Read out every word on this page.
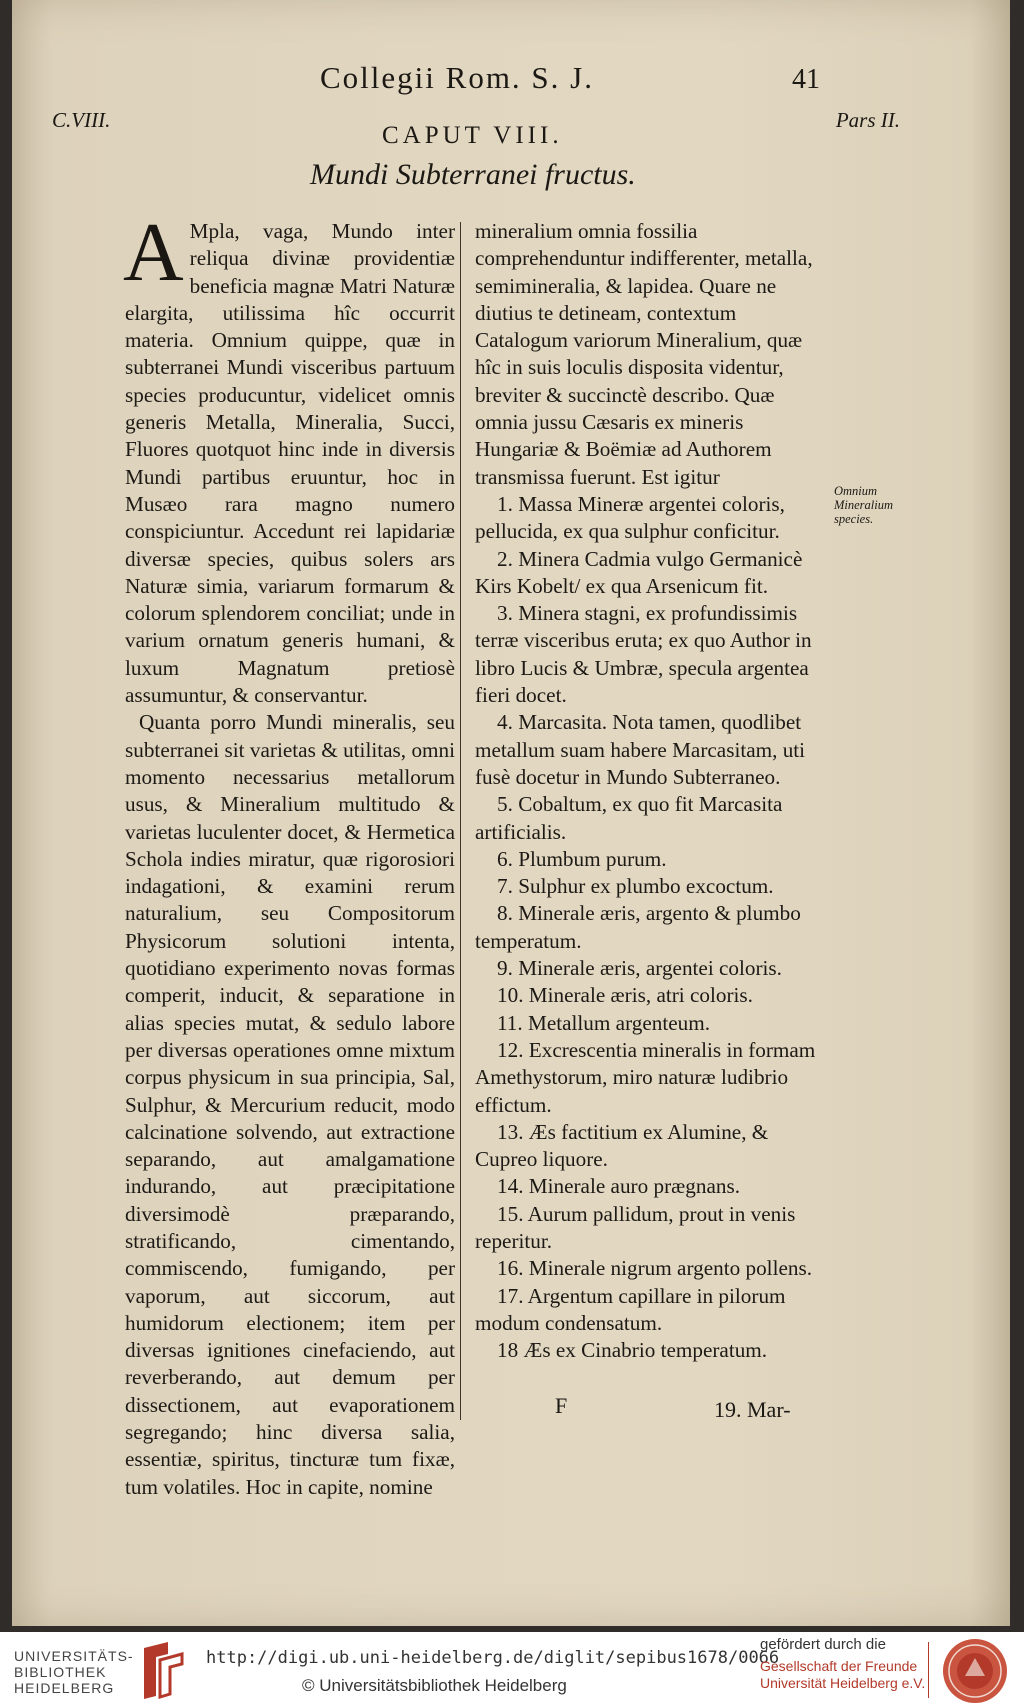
Collegii Rom. S. J.	41
C.VIII.	Pars II.
CAPUT VIII.
Mundi Subterranei fructus.

A Mpla, vaga, Mundo inter reliqua divinæ providentiæ beneficia magnæ Matri Naturæ elargita, utilissima hîc occurrit materia. Omnium quippe, quæ in subterranei Mundi visceribus partuum species producuntur, videlicet omnis generis Metalla, Mineralia, Succi, Fluores quotquot hinc inde in diversis Mundi partibus eruuntur, hoc in Musæo rara magno numero conspiciuntur. Accedunt rei lapidariæ diversæ species, quibus solers ars Naturæ simia, variarum formarum & colorum splendorem conciliat; unde in varium ornatum generis humani, & luxum Magnatum pretiosè assumuntur, & conservantur.

Quanta porro Mundi mineralis, seu subterranei sit varietas & utilitas, omni momento necessarius metallorum usus, & Mineralium multitudo & varietas luculenter docet, & Hermetica Schola indies miratur, quæ rigorosiori indagationi, & examini rerum naturalium, seu Compositorum Physicorum solutioni intenta, quotidiano experimento novas formas comperit, inducit, & separatione in alias species mutat, & sedulo labore per diversas operationes omne mixtum corpus physicum in sua principia, Sal, Sulphur, & Mercurium reducit, modo calcinatione solvendo, aut extractione separando, aut amalgamatione indurando, aut præcipitatione diversimodè præparando, stratificando, cimentando, commiscendo, fumigando, per vaporum, aut siccorum, aut humidorum electionem; item per diversas ignitiones cinefaciendo, aut reverberando, aut demum per dissectionem, aut evaporationem segregando; hinc diversa salia, essentiæ, spiritus, tincturæ tum fixæ, tum volatiles. Hoc in capite, nomine

mineralium omnia fossilia comprehenduntur indifferenter, metalla, semimineralia, & lapidea. Quare ne diutius te detineam, contextum Catalogum variorum Mineralium, quæ hîc in suis loculis disposita videntur, breviter & succinctè describo. Quæ omnia jussu Cæsaris ex mineris Hungariæ & Boëmiæ ad Authorem transmissa fuerunt. Est igitur

1. Massa Mineræ argentei coloris, pellucida, ex qua sulphur conficitur.
2. Minera Cadmia vulgo Germanicè Kirs Kobelt/ ex qua Arsenicum fit.
3. Minera stagni, ex profundissimis terræ visceribus eruta; ex quo Author in libro Lucis & Umbræ, specula argentea fieri docet.
4. Marcasita. Nota tamen, quodlibet metallum suam habere Marcasitam, uti fusè docetur in Mundo Subterraneo.
5. Cobaltum, ex quo fit Marcasita artificialis.
6. Plumbum purum.
7. Sulphur ex plumbo excoctum.
8. Minerale æris, argento & plumbo temperatum.
9. Minerale æris, argentei coloris.
10. Minerale æris, atri coloris.
11. Metallum argenteum.
12. Excrescentia mineralis in formam Amethystorum, miro naturæ ludibrio effictum.
13. Æs factitium ex Alumine, & Cupreo liquore.
14. Minerale auro prægnans.
15. Aurum pallidum, prout in venis reperitur.
16. Minerale nigrum argento pollens.
17. Argentum capillare in pilorum modum condensatum.
18 Æs ex Cinabrio temperatum.
Omnium Mineralium species.
F	19. Mar-
UNIVERSITÄTS-
BIBLIOTHEK
HEIDELBERG
http://digi.ub.uni-heidelberg.de/diglit/sepibus1678/0066
© Universitätsbibliothek Heidelberg
gefördert durch die
Gesellschaft der Freunde
Universität Heidelberg e.V.
